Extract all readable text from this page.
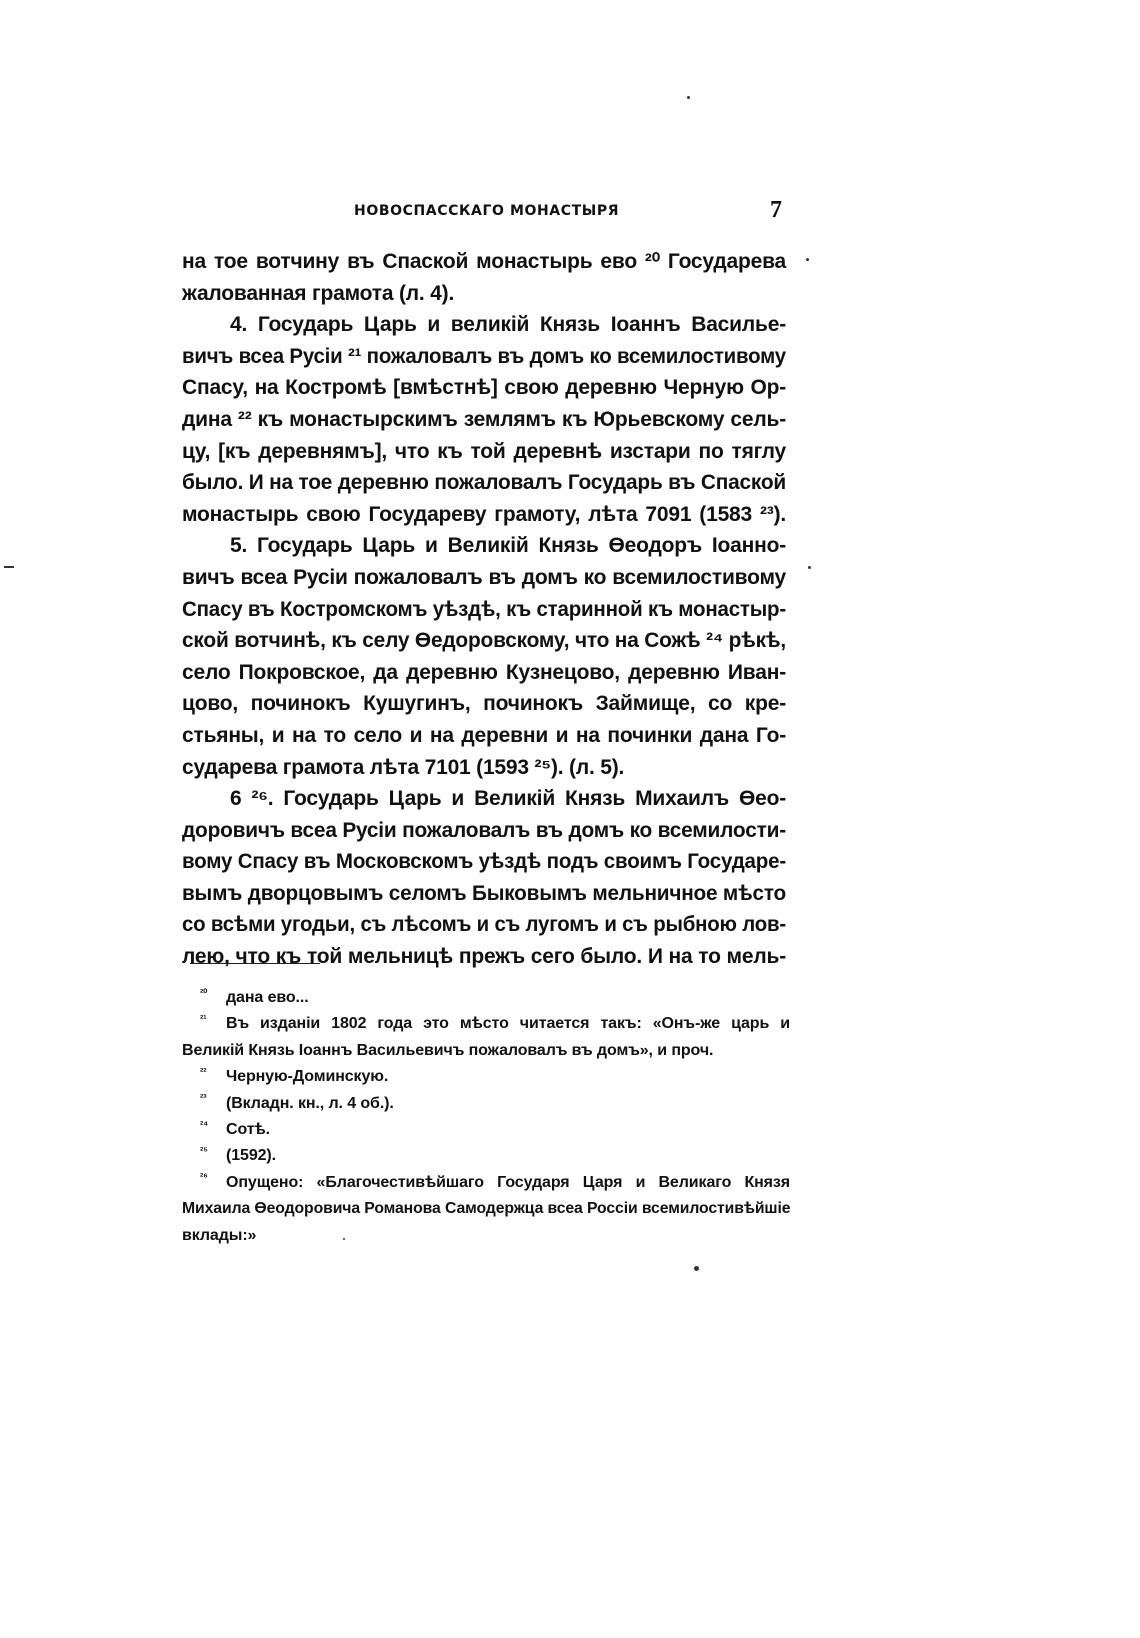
НОВОСПАССКАГО МОНАСТЫРЯ	7
на тое вотчину въ Спаской монастырь ево ²⁰ Государева
жалованная грамота (л. 4).
4. Государь Царь и великій Князь Іоаннъ Василье-
вичъ всеа Русіи ²¹ пожаловалъ въ домъ ко всемилостивому
Спасу, на Костромѣ [вмѣстнѣ] свою деревню Черную Ор-
дина ²² къ монастырскимъ землямъ къ Юрьевскому сель-
цу, [къ деревнямъ], что къ той деревнѣ изстари по тяглу
было. И на тое деревню пожаловалъ Государь въ Спаской
монастырь свою Государеву грамоту, лѣта 7091 (1583 ²³).
5. Государь Царь и Великій Князь Өеодоръ Іоанно-
вичъ всеа Русіи пожаловалъ въ домъ ко всемилостивому
Спасу въ Костромскомъ уѣздѣ, къ старинной къ монастыр-
ской вотчинѣ, къ селу Өедоровскому, что на Сожѣ ²⁴ рѣкѣ,
село Покровское, да деревню Кузнецово, деревню Иван-
цово, починокъ Кушугинъ, починокъ Займище, со кре-
стьяны, и на то село и на деревни и на починки дана Го-
сударева грамота лѣта 7101 (1593 ²⁵). (л. 5).
6 ²⁶. Государь Царь и Великій Князь Михаилъ Өео-
доровичъ всеа Русіи пожаловалъ въ домъ ко всемилости-
вому Спасу въ Московскомъ уѣздѣ подъ своимъ Государе-
вымъ дворцовымъ селомъ Быковымъ мельничное мѣсто
со всѣми угодьи, съ лѣсомъ и съ лугомъ и съ рыбною лов-
лею, что къ той мельницѣ прежъ сего было. И на то мель-
²⁰ дана ево...
²¹ Въ изданіи 1802 года это мѣсто читается такъ: «Онъ-же царь и
Великій Князь Іоаннъ Васильевичъ пожаловалъ въ домъ», и проч.
²² Черную-Доминскую.
²³ (Вкладн. кн., л. 4 об.).
²⁴ Сотѣ.
²⁵ (1592).
²⁶ Опущено: «Благочестивѣйшаго Государя Царя и Великаго Князя
Михаила Өеодоровича Романова Самодержца всеа Россіи всемилостивѣйшіе
вклады:»
